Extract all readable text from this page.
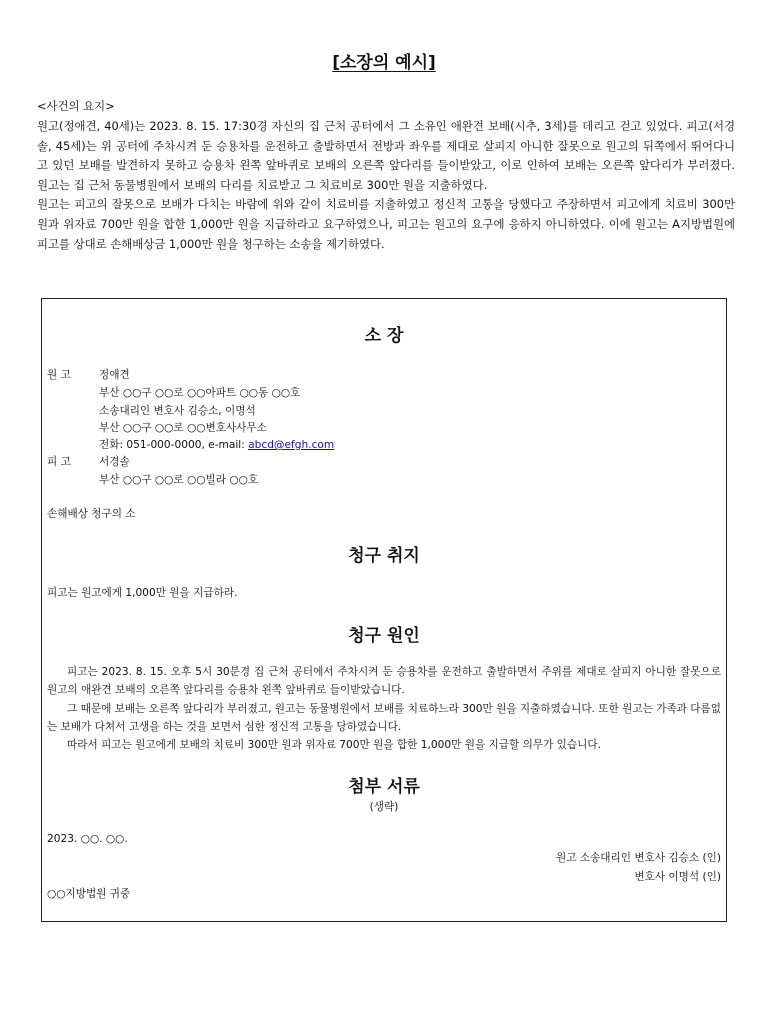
[소장의 예시]
<사건의 요지>

원고(정애견, 40세)는 2023. 8. 15. 17:30경 자신의 집 근처 공터에서 그 소유인 애완견 보배(시추, 3세)를 데리고 걷고 있었다. 피고(서경솔, 45세)는 위 공터에 주차시켜 둔 승용차를 운전하고 출발하면서 전방과 좌우를 제대로 살피지 아니한 잘못으로 원고의 뒤쪽에서 뛰어다니고 있던 보배를 발견하지 못하고 승용차 왼쪽 앞바퀴로 보배의 오른쪽 앞다리를 들이받았고, 이로 인하여 보배는 오른쪽 앞다리가 부러졌다. 원고는 집 근처 동물병원에서 보배의 다리를 치료받고 그 치료비로 300만 원을 지출하였다.

원고는 피고의 잘못으로 보배가 다치는 바람에 위와 같이 치료비를 지출하였고 정신적 고통을 당했다고 주장하면서 피고에게 치료비 300만 원과 위자료 700만 원을 합한 1,000만 원을 지급하라고 요구하였으나, 피고는 원고의 요구에 응하지 아니하였다. 이에 원고는 A지방법원에 피고를 상대로 손해배상금 1,000만 원을 청구하는 소송을 제기하였다.

소 장
원 고	정애견
부산 ○○구 ○○로 ○○아파트 ○○동 ○○호
소송대리인 변호사 김승소, 이명석
부산 ○○구 ○○로 ○○변호사사무소
전화: 051-000-0000, e-mail: abcd@efgh.com
피 고	서경솔
부산 ○○구 ○○로 ○○빌라 ○○호
손해배상 청구의 소
청구 취지
피고는 원고에게 1,000만 원을 지급하라.
청구 원인

피고는 2023. 8. 15. 오후 5시 30분경 집 근처 공터에서 주차시켜 둔 승용차를 운전하고 출발하면서 주위를 제대로 살피지 아니한 잘못으로 원고의 애완견 보배의 오른쪽 앞다리를 승용차 왼쪽 앞바퀴로 들이받았습니다.

그 때문에 보배는 오른쪽 앞다리가 부러졌고, 원고는 동물병원에서 보배를 치료하느라 300만 원을 지출하였습니다. 또한 원고는 가족과 다름없는 보배가 다쳐서 고생을 하는 것을 보면서 심한 정신적 고통을 당하였습니다.

따라서 피고는 원고에게 보배의 치료비 300만 원과 위자료 700만 원을 합한 1,000만 원을 지급할 의무가 있습니다.

첨부 서류
(생략)
2023. ○○. ○○.
원고 소송대리인 변호사 김승소 (인)
변호사 이명석 (인)
○○지방법원 귀중
